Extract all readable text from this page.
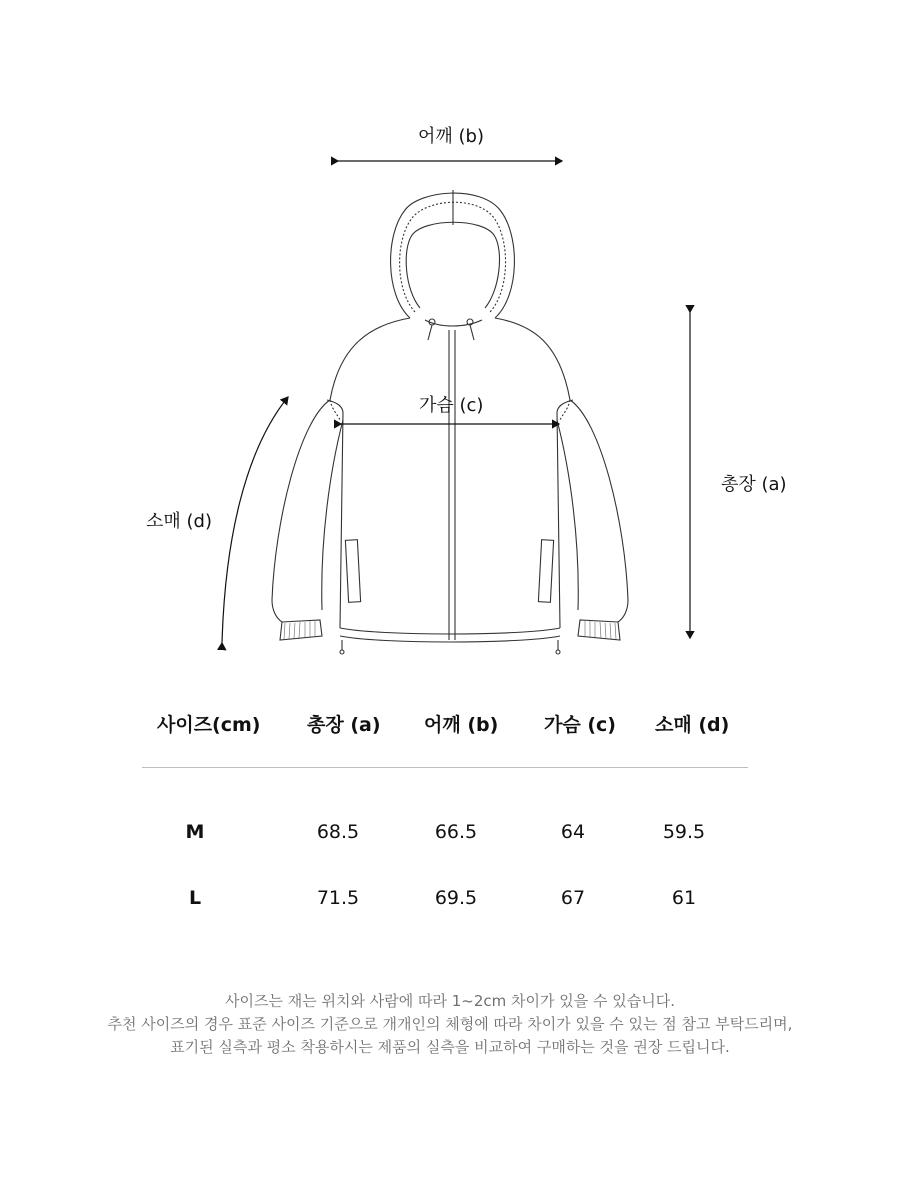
어깨 (b)
가슴 (c)
총장 (a)
소매 (d)
사이즈(cm) 총장 (a) 어깨 (b) 가슴 (c) 소매 (d)
M	68.5	66.5	64	59.5
L	71.5	69.5	67	61
사이즈는 재는 위치와 사람에 따라 1~2cm 차이가 있을 수 있습니다.
추천 사이즈의 경우 표준 사이즈 기준으로 개개인의 체형에 따라 차이가 있을 수 있는 점 참고 부탁드리며,
표기된 실측과 평소 착용하시는 제품의 실측을 비교하여 구매하는 것을 권장 드립니다.
